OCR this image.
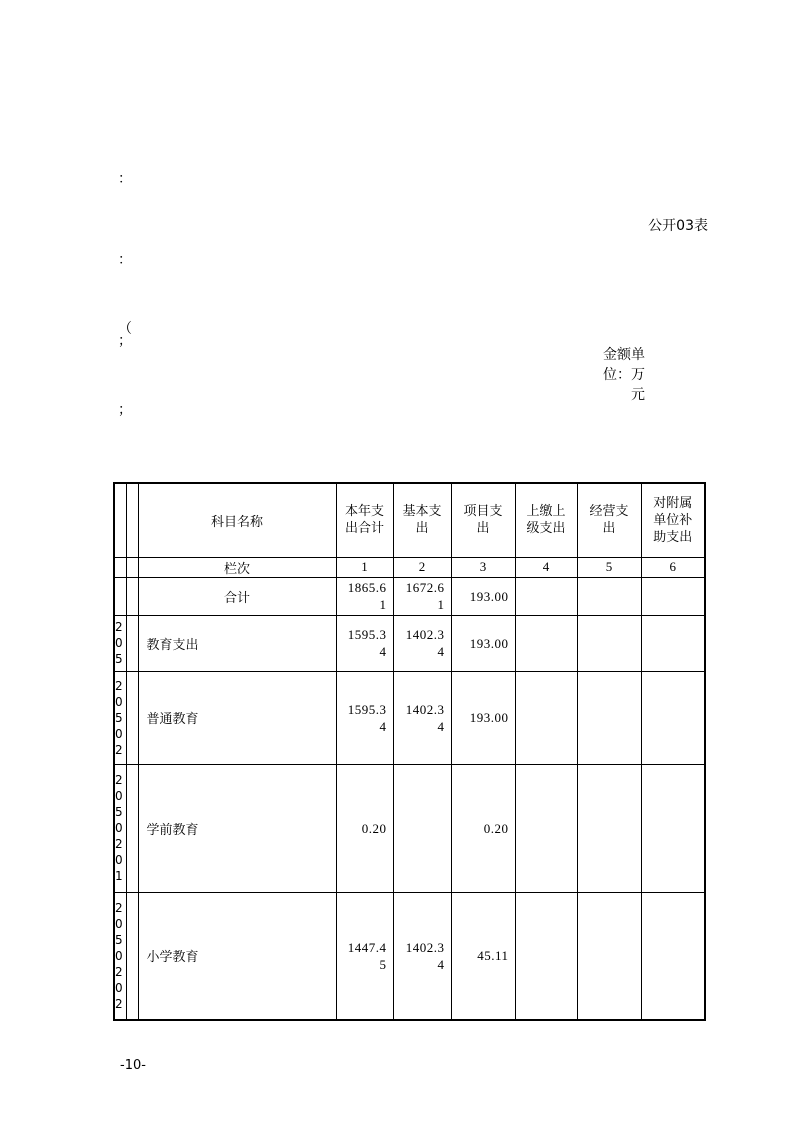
：

：

；

（

；

公开03表
金额单位：万元
		科目名称	本年支出合计	基本支出	项目支出	上缴上级支出	经营支出	对附属单位补助支出

		栏次	1	2	3	4	5	6
		合计	1865.61	1672.61	193.00			

205		教育支出	1595.34	1402.34	193.00			

20502		普通教育	1595.34	1402.34	193.00			

2050201		学前教育	0.20		0.20			

2050202		小学教育	1447.45	1402.34	45.11			

-10-
